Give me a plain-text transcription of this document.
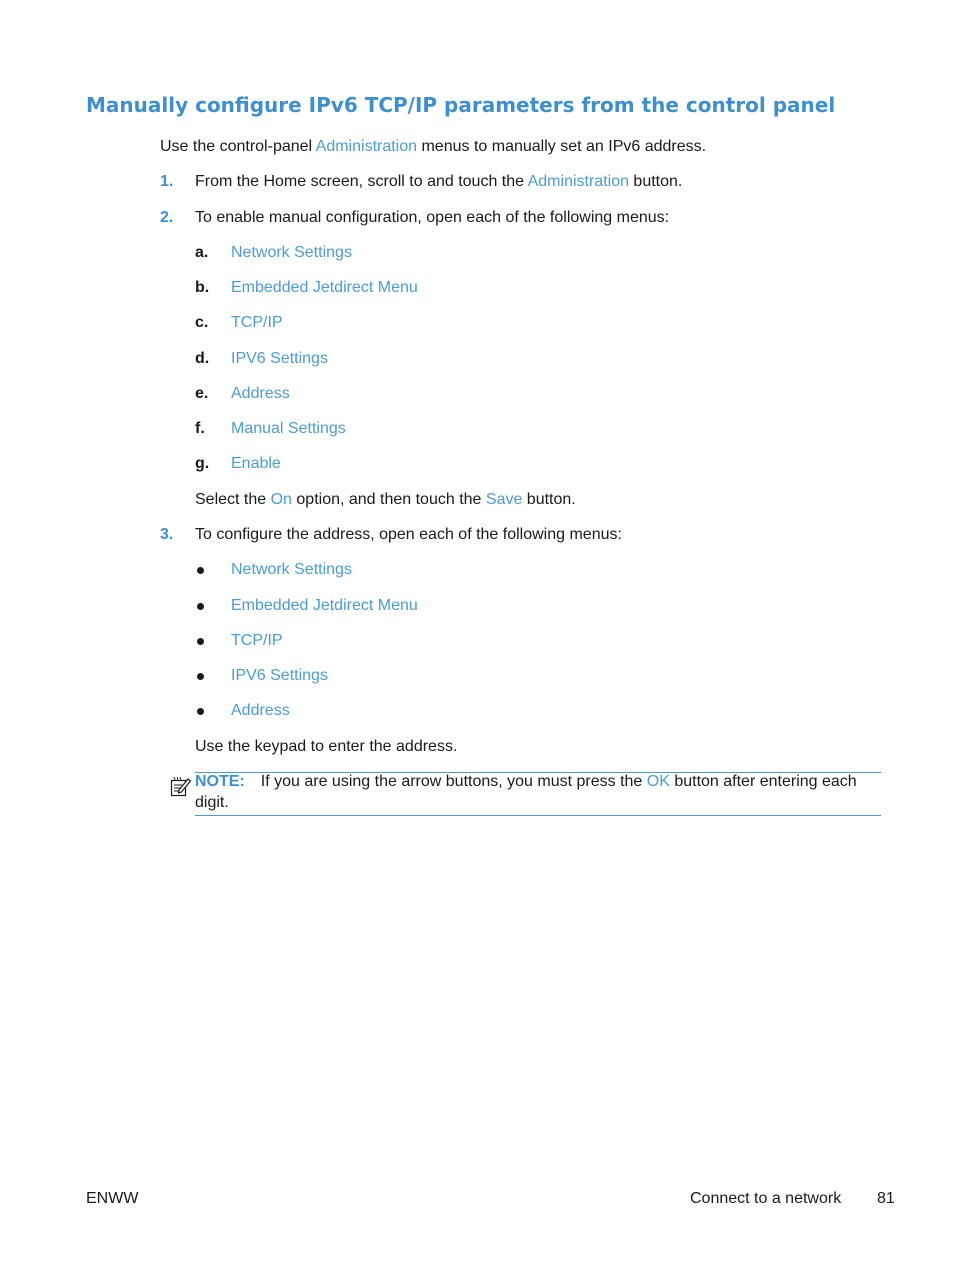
Manually configure IPv6 TCP/IP parameters from the control panel
Use the control-panel Administration menus to manually set an IPv6 address.
1. From the Home screen, scroll to and touch the Administration button.
2. To enable manual configuration, open each of the following menus:
a. Network Settings
b. Embedded Jetdirect Menu
c. TCP/IP
d. IPV6 Settings
e. Address
f. Manual Settings
g. Enable
Select the On option, and then touch the Save button.
3. To configure the address, open each of the following menus:
Network Settings
Embedded Jetdirect Menu
TCP/IP
IPV6 Settings
Address
Use the keypad to enter the address.
NOTE: If you are using the arrow buttons, you must press the OK button after entering each
digit.
ENWW	Connect to a network 81
